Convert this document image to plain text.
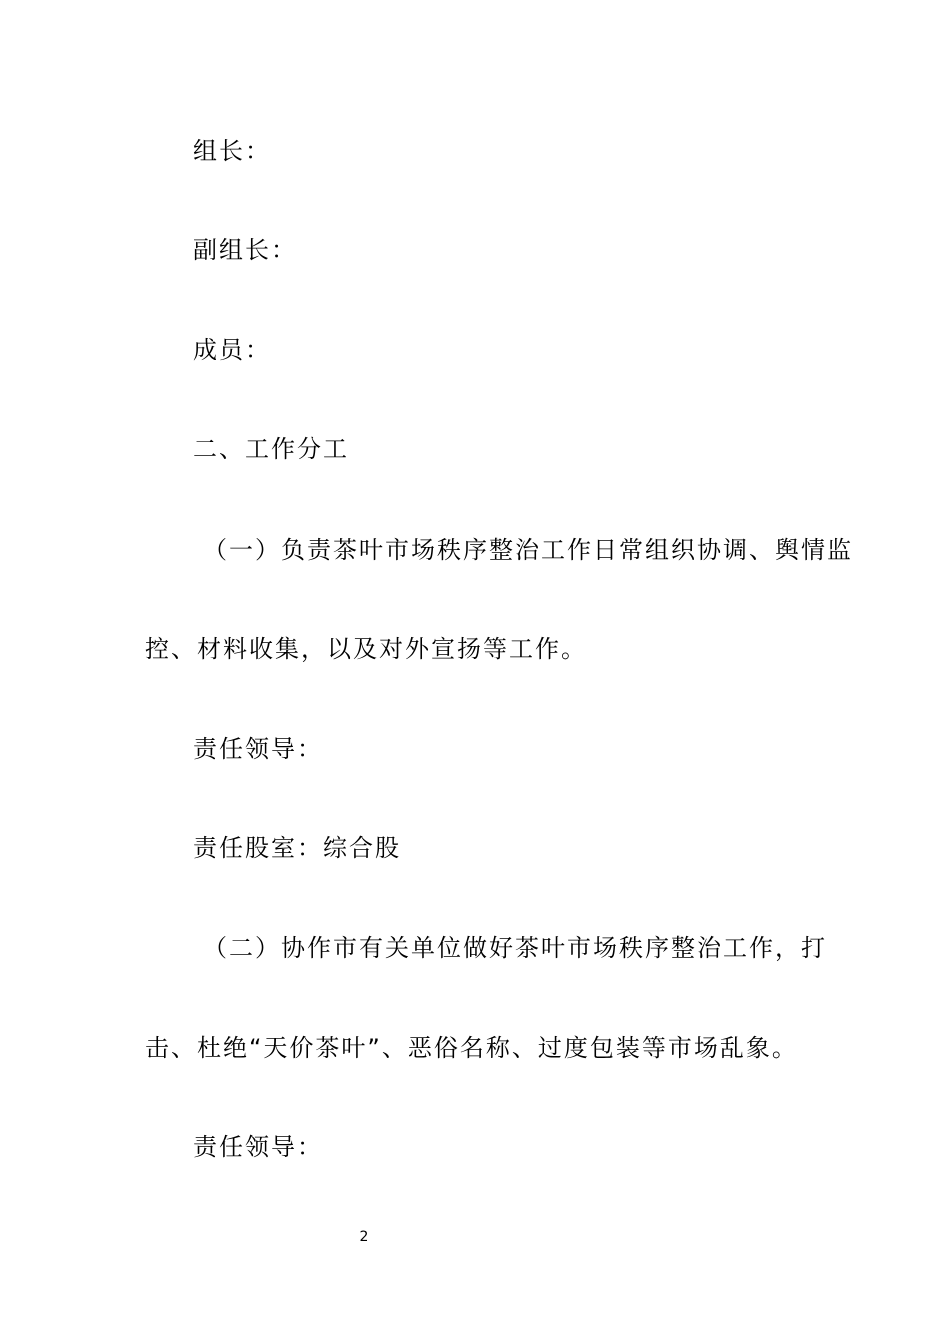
组长：
副组长：
成员：
二、工作分工
（一）负责茶叶市场秩序整治工作日常组织协调、舆情监
控、材料收集，以及对外宣扬等工作。
责任领导：
责任股室：综合股
（二）协作市有关单位做好茶叶市场秩序整治工作，打
击、杜绝“天价茶叶”、恶俗名称、过度包装等市场乱象。
责任领导：
2
